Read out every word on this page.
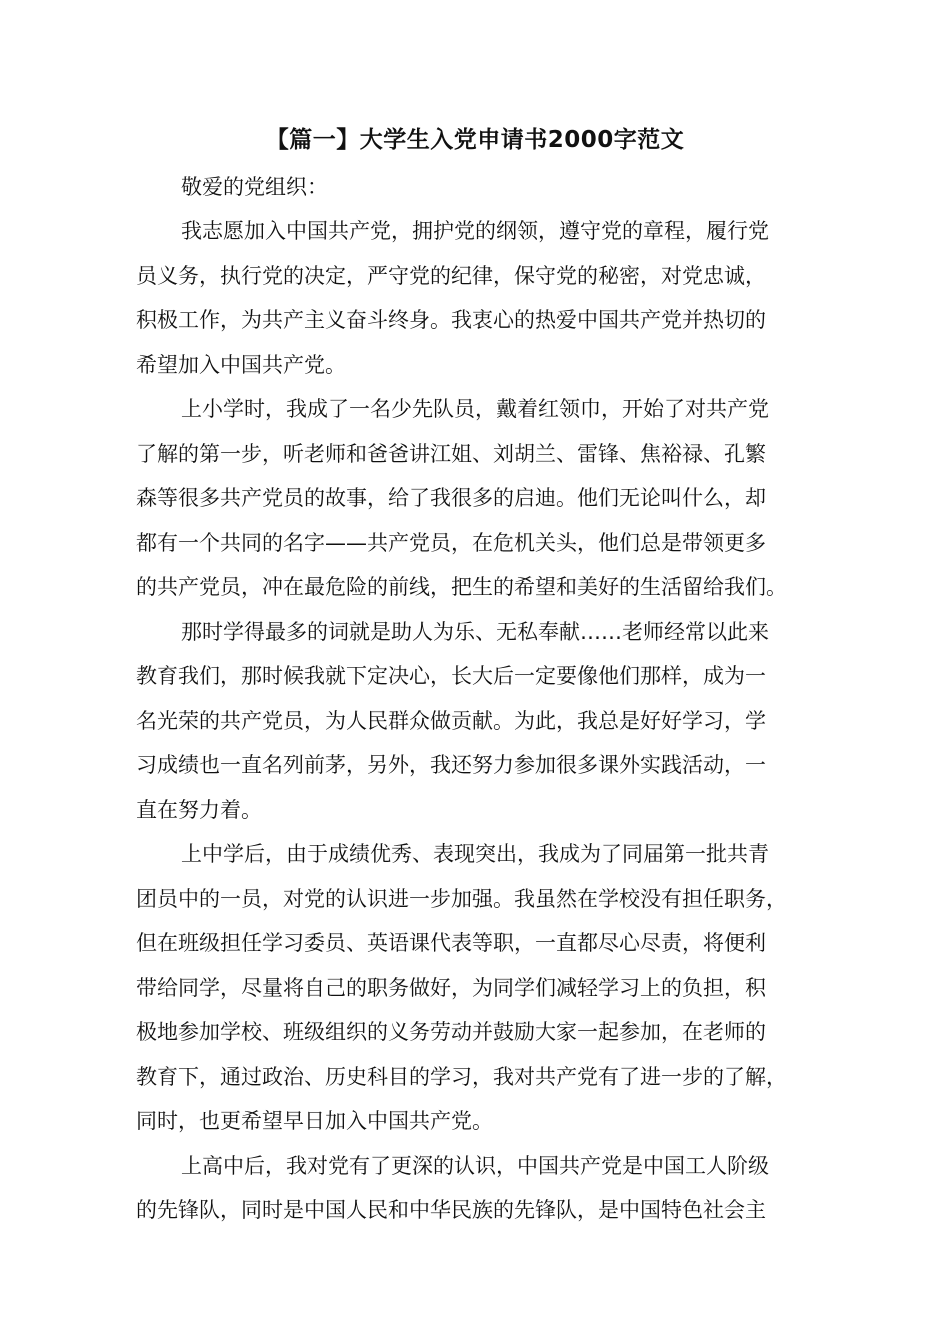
【篇一】大学生入党申请书2000字范文
敬爱的党组织：
我志愿加入中国共产党，拥护党的纲领，遵守党的章程，履行党
员义务，执行党的决定，严守党的纪律，保守党的秘密，对党忠诚，
积极工作，为共产主义奋斗终身。我衷心的热爱中国共产党并热切的
希望加入中国共产党。
上小学时，我成了一名少先队员，戴着红领巾，开始了对共产党
了解的第一步，听老师和爸爸讲江姐、刘胡兰、雷锋、焦裕禄、孔繁
森等很多共产党员的故事，给了我很多的启迪。他们无论叫什么，却
都有一个共同的名字——共产党员，在危机关头，他们总是带领更多
的共产党员，冲在最危险的前线，把生的希望和美好的生活留给我们。
那时学得最多的词就是助人为乐、无私奉献……老师经常以此来
教育我们，那时候我就下定决心，长大后一定要像他们那样，成为一
名光荣的共产党员，为人民群众做贡献。为此，我总是好好学习，学
习成绩也一直名列前茅，另外，我还努力参加很多课外实践活动，一
直在努力着。
上中学后，由于成绩优秀、表现突出，我成为了同届第一批共青
团员中的一员，对党的认识进一步加强。我虽然在学校没有担任职务，
但在班级担任学习委员、英语课代表等职，一直都尽心尽责，将便利
带给同学，尽量将自己的职务做好，为同学们减轻学习上的负担，积
极地参加学校、班级组织的义务劳动并鼓励大家一起参加，在老师的
教育下，通过政治、历史科目的学习，我对共产党有了进一步的了解，
同时，也更希望早日加入中国共产党。
上高中后，我对党有了更深的认识，中国共产党是中国工人阶级
的先锋队，同时是中国人民和中华民族的先锋队，是中国特色社会主
